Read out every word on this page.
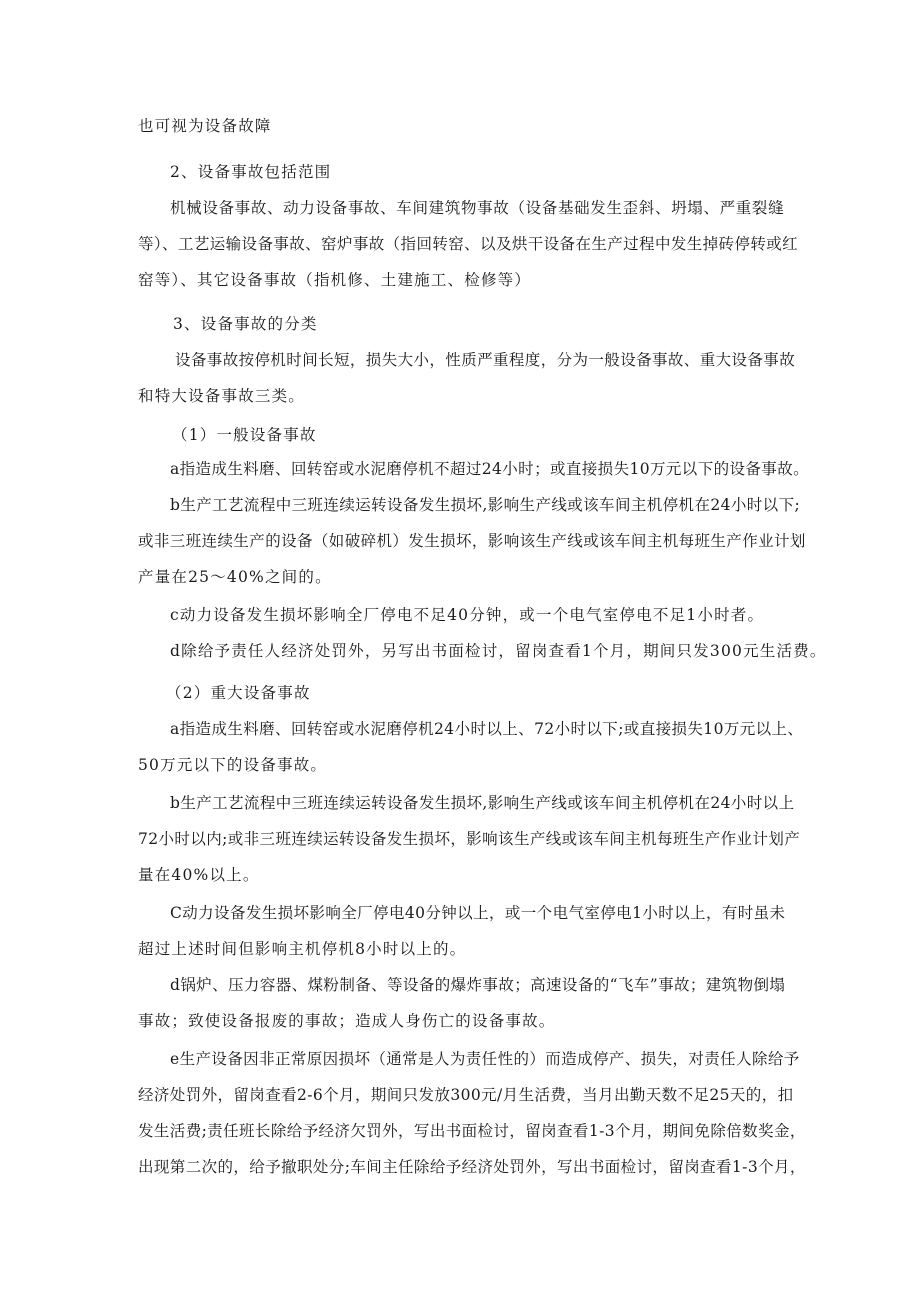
也可视为设备故障
2、设备事故包括范围
机械设备事故、动力设备事故、车间建筑物事故（设备基础发生歪斜、坍塌、严重裂缝
等）、工艺运输设备事故、窑炉事故（指回转窑、以及烘干设备在生产过程中发生掉砖停转或红
窑等）、其它设备事故（指机修、土建施工、检修等）
3、设备事故的分类
设备事故按停机时间长短，损失大小，性质严重程度，分为一般设备事故、重大设备事故
和特大设备事故三类。
（1）一般设备事故
a指造成生料磨、回转窑或水泥磨停机不超过24小时；或直接损失10万元以下的设备事故。
b生产工艺流程中三班连续运转设备发生损坏,影响生产线或该车间主机停机在24小时以下;
或非三班连续生产的设备（如破碎机）发生损坏，影响该生产线或该车间主机每班生产作业计划
产量在25～40%之间的。
c动力设备发生损坏影响全厂停电不足40分钟，或一个电气室停电不足1小时者。
d除给予责任人经济处罚外，另写出书面检讨，留岗查看1个月，期间只发300元生活费。
（2）重大设备事故
a指造成生料磨、回转窑或水泥磨停机24小时以上、72小时以下;或直接损失10万元以上、
50万元以下的设备事故。
b生产工艺流程中三班连续运转设备发生损坏,影响生产线或该车间主机停机在24小时以上
72小时以内;或非三班连续运转设备发生损坏，影响该生产线或该车间主机每班生产作业计划产
量在40%以上。
C动力设备发生损坏影响全厂停电40分钟以上，或一个电气室停电1小时以上，有时虽未
超过上述时间但影响主机停机8小时以上的。
d锅炉、压力容器、煤粉制备、等设备的爆炸事故；高速设备的“飞车”事故；建筑物倒塌
事故；致使设备报废的事故；造成人身伤亡的设备事故。
e生产设备因非正常原因损坏（通常是人为责任性的）而造成停产、损失，对责任人除给予
经济处罚外，留岗查看2-6个月，期间只发放300元/月生活费，当月出勤天数不足25天的，扣
发生活费;责任班长除给予经济欠罚外，写出书面检讨，留岗查看1-3个月，期间免除倍数奖金，
出现第二次的，给予撤职处分;车间主任除给予经济处罚外，写出书面检讨，留岗查看1-3个月，
